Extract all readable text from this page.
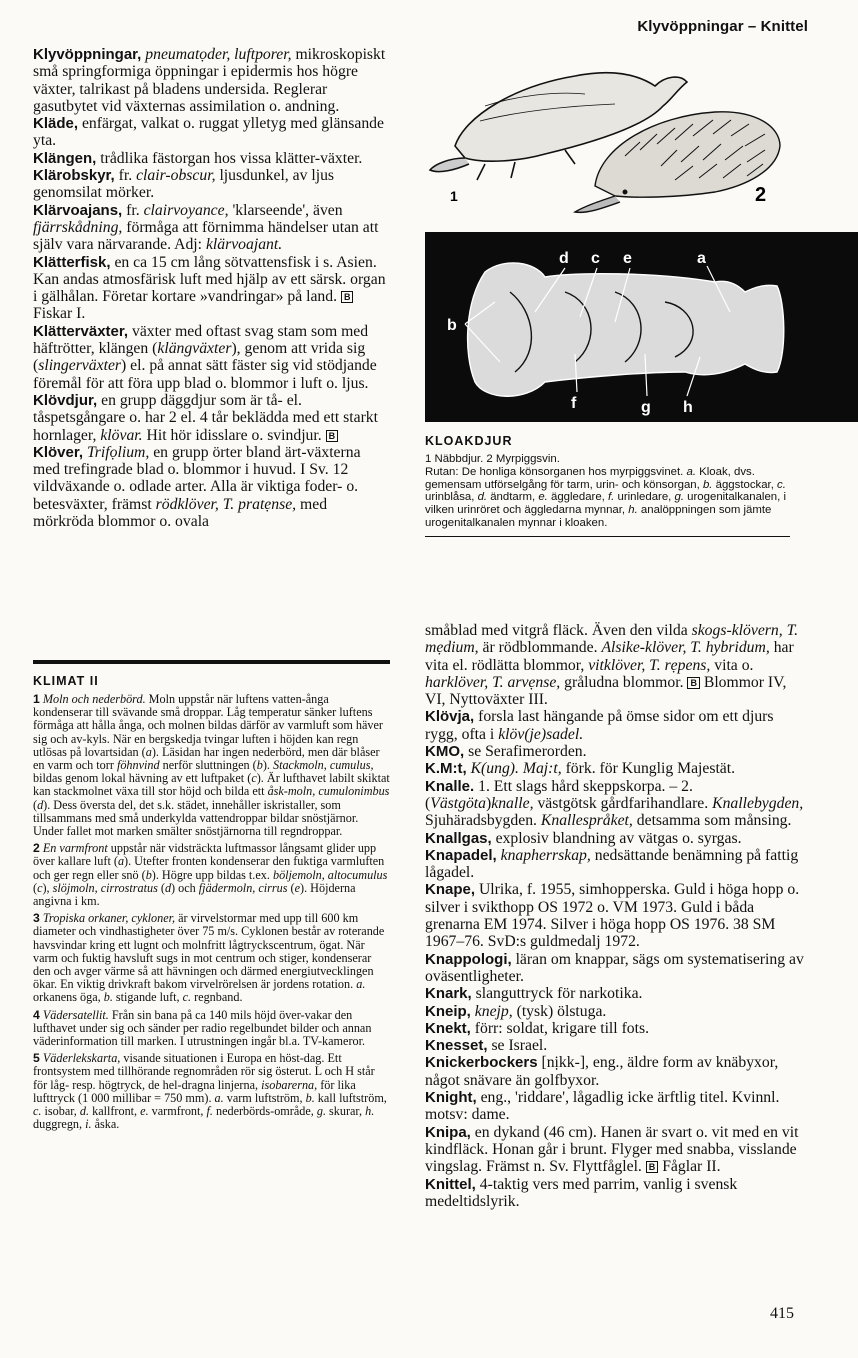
Klyvöppningar – Knittel

Klyvöppningar, pneumatọder, luftporer, mikroskopiskt små springformiga öppningar i epidermis hos högre växter, talrikast på bladens undersida. Reglerar gasutbytet vid växternas assimilation o. andning.

Kläde, enfärgat, valkat o. ruggat ylletyg med glänsande yta.

Klängen, trådlika fästorgan hos vissa klätter-växter.

Klärobskyr, fr. clair-obscur, ljusdunkel, av ljus genomsilat mörker.

Klärvoajans, fr. clairvoyance, 'klarseende', även fjärrskådning, förmåga att förnimma händelser utan att själv vara närvarande. Adj: klärvoajant.

Klätterfisk, en ca 15 cm lång sötvattensfisk i s. Asien. Kan andas atmosfärisk luft med hjälp av ett särsk. organ i gälhålan. Företar kortare »vandringar» på land. B Fiskar I.

Klätterväxter, växter med oftast svag stam som med häftrötter, klängen (klängväxter), genom att vrida sig (slingerväxter) el. på annat sätt fäster sig vid stödjande föremål för att föra upp blad o. blommor i luft o. ljus.

Klövdjur, en grupp däggdjur som är tå- el. tåspetsgångare o. har 2 el. 4 tår beklädda med ett starkt hornlager, klövar. Hit hör idisslare o. svindjur. B

Klöver, Trifọlium, en grupp örter bland ärt-växterna med trefingrade blad o. blommor i huvud. I Sv. 12 vildväxande o. odlade arter. Alla är viktiga foder- o. betesväxter, främst rödklöver, T. pratẹnse, med mörkröda blommor o. ovala

KLIMAT II

1 Moln och nederbörd. Moln uppstår när luftens vatten-ånga kondenserar till svävande små droppar. Låg temperatur sänker luftens förmåga att hålla ånga, och molnen bildas därför av varmluft som häver sig och av-kyls. När en bergskedja tvingar luften i höjden kan regn utlösas på lovartsidan (a). Läsidan har ingen nederbörd, men där blåser en varm och torr föhnvind nerför sluttningen (b). Stackmoln, cumulus, bildas genom lokal hävning av ett luftpaket (c). Är lufthavet labilt skiktat kan stackmolnet växa till stor höjd och bilda ett åsk-moln, cumulonimbus (d). Dess översta del, det s.k. städet, innehåller iskristaller, som tillsammans med små underkylda vattendroppar bildar snöstjärnor. Under fallet mot marken smälter snöstjärnorna till regndroppar.

2 En varmfront uppstår när vidsträckta luftmassor långsamt glider upp över kallare luft (a). Utefter fronten kondenserar den fuktiga varmluften och ger regn eller snö (b). Högre upp bildas t.ex. böljemoln, altocumulus (c), slöjmoln, cirrostratus (d) och fjädermoln, cirrus (e). Höjderna angivna i km.

3 Tropiska orkaner, cykloner, är virvelstormar med upp till 600 km diameter och vindhastigheter över 75 m/s. Cyklonen består av roterande havsvindar kring ett lugnt och molnfritt lågtryckscentrum, ögat. När varm och fuktig havsluft sugs in mot centrum och stiger, kondenserar den och avger värme så att hävningen och därmed energiutvecklingen ökar. En viktig drivkraft bakom virvelrörelsen är jordens rotation. a. orkanens öga, b. stigande luft, c. regnband.

4 Vädersatellit. Från sin bana på ca 140 mils höjd över-vakar den lufthavet under sig och sänder per radio regelbundet bilder och annan väderinformation till marken. I utrustningen ingår bl.a. TV-kameror.

5 Väderlekskarta, visande situationen i Europa en höst-dag. Ett frontsystem med tillhörande regnområden rör sig österut. L och H står för låg- resp. högtryck, de hel-dragna linjerna, isobarerna, för lika lufttryck (1 000 millibar = 750 mm). a. varm luftström, b. kall luftström, c. isobar, d. kallfront, e. varmfront, f. nederbörds-område, g. skurar, h. duggregn, i. åska.

1	2
d c e	a
b
f	g h
KLOAKDJUR

1 Näbbdjur. 2 Myrpiggsvin.

Rutan: De honliga könsorganen hos myrpiggsvinet. a. Kloak, dvs. gemensam utförselgång för tarm, urin- och könsorgan, b. äggstockar, c. urinblåsa, d. ändtarm, e. äggledare, f. urinledare, g. urogenitalkanalen, i vilken urinröret och äggledarna mynnar, h. analöppningen som jämte urogenitalkanalen mynnar i kloaken.

småblad med vitgrå fläck. Även den vilda skogs-klövern, T. mẹdium, är rödblommande. Alsike-klöver, T. hybridum, har vita el. rödlätta blommor, vitklöver, T. rẹpens, vita o. harklöver, T. arvẹnse, gråludna blommor. B Blommor IV, VI, Nyttoväxter III.

Klövja, forsla last hängande på ömse sidor om ett djurs rygg, ofta i klöv(je)sadel.

KMO, se Serafimerorden.

K.M:t, K(ung). Maj:t, förk. för Kunglig Majestät.

Knalle. 1. Ett slags hård skeppskorpa. – 2. (Västgöta)knalle, västgötsk gårdfarihandlare. Knallebygden, Sjuhäradsbygden. Knallespråket, detsamma som månsing.

Knallgas, explosiv blandning av vätgas o. syrgas.

Knapadel, knapherrskap, nedsättande benämning på fattig lågadel.

Knape, Ulrika, f. 1955, simhopperska. Guld i höga hopp o. silver i svikthopp OS 1972 o. VM 1973. Guld i båda grenarna EM 1974. Silver i höga hopp OS 1976. 38 SM 1967–76. SvD:s guldmedalj 1972.

Knappologi, läran om knappar, sägs om systematisering av oväsentligheter.

Knark, slanguttryck för narkotika.

Kneip, knejp, (tysk) ölstuga.

Knekt, förr: soldat, krigare till fots.

Knesset, se Israel.

Knickerbockers [nịkk-], eng., äldre form av knäbyxor, något snävare än golfbyxor.

Knight, eng., 'riddare', lågadlig icke ärftlig titel. Kvinnl. motsv: dame.

Knipa, en dykand (46 cm). Hanen är svart o. vit med en vit kindfläck. Honan går i brunt. Flyger med snabba, visslande vingslag. Främst n. Sv. Flyttfåglel. B Fåglar II.

Knittel, 4-taktig vers med parrim, vanlig i svensk medeltidslyrik.

415
